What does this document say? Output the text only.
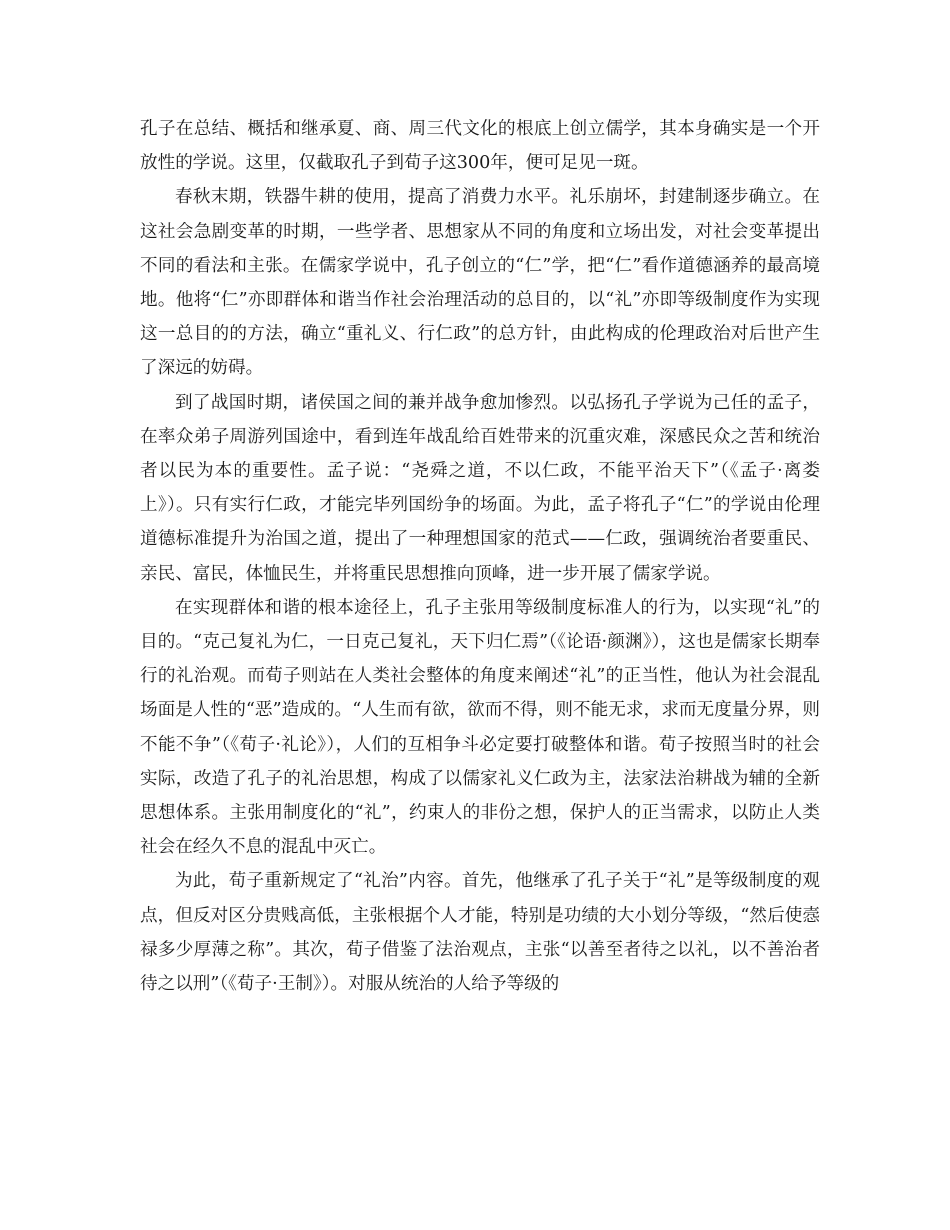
孔子在总结、概括和继承夏、商、周三代文化的根底上创立儒学，其本身确实是一个开放性的学说。这里，仅截取孔子到荀子这300年，便可足见一斑。

春秋末期，铁器牛耕的使用，提高了消费力水平。礼乐崩坏，封建制逐步确立。在这社会急剧变革的时期，一些学者、思想家从不同的角度和立场出发，对社会变革提出不同的看法和主张。在儒家学说中，孔子创立的“仁”学，把“仁”看作道德涵养的最高境地。他将“仁”亦即群体和谐当作社会治理活动的总目的，以“礼”亦即等级制度作为实现这一总目的的方法，确立“重礼义、行仁政”的总方针，由此构成的伦理政治对后世产生了深远的妨碍。

到了战国时期，诸侯国之间的兼并战争愈加惨烈。以弘扬孔子学说为己任的孟子，在率众弟子周游列国途中，看到连年战乱给百姓带来的沉重灾难，深感民众之苦和统治者以民为本的重要性。孟子说：“尧舜之道，不以仁政，不能平治天下”（《孟子·离娄上》）。只有实行仁政，才能完毕列国纷争的场面。为此，孟子将孔子“仁”的学说由伦理道德标准提升为治国之道，提出了一种理想国家的范式——仁政，强调统治者要重民、亲民、富民，体恤民生，并将重民思想推向顶峰，进一步开展了儒家学说。

在实现群体和谐的根本途径上，孔子主张用等级制度标准人的行为，以实现“礼”的目的。“克己复礼为仁，一日克己复礼，天下归仁焉”（《论语·颜渊》），这也是儒家长期奉行的礼治观。而荀子则站在人类社会整体的角度来阐述“礼”的正当性，他认为社会混乱场面是人性的“恶”造成的。“人生而有欲，欲而不得，则不能无求，求而无度量分界，则不能不争”（《荀子·礼论》），人们的互相争斗必定要打破整体和谐。荀子按照当时的社会实际，改造了孔子的礼治思想，构成了以儒家礼义仁政为主，法家法治耕战为辅的全新思想体系。主张用制度化的“礼”，约束人的非份之想，保护人的正当需求，以防止人类社会在经久不息的混乱中灭亡。

为此，荀子重新规定了“礼治”内容。首先，他继承了孔子关于“礼”是等级制度的观点，但反对区分贵贱高低，主张根据个人才能，特别是功绩的大小划分等级，“然后使悫禄多少厚薄之称”。其次，荀子借鉴了法治观点，主张“以善至者待之以礼，以不善治者待之以刑”（《荀子·王制》）。对服从统治的人给予等级的
